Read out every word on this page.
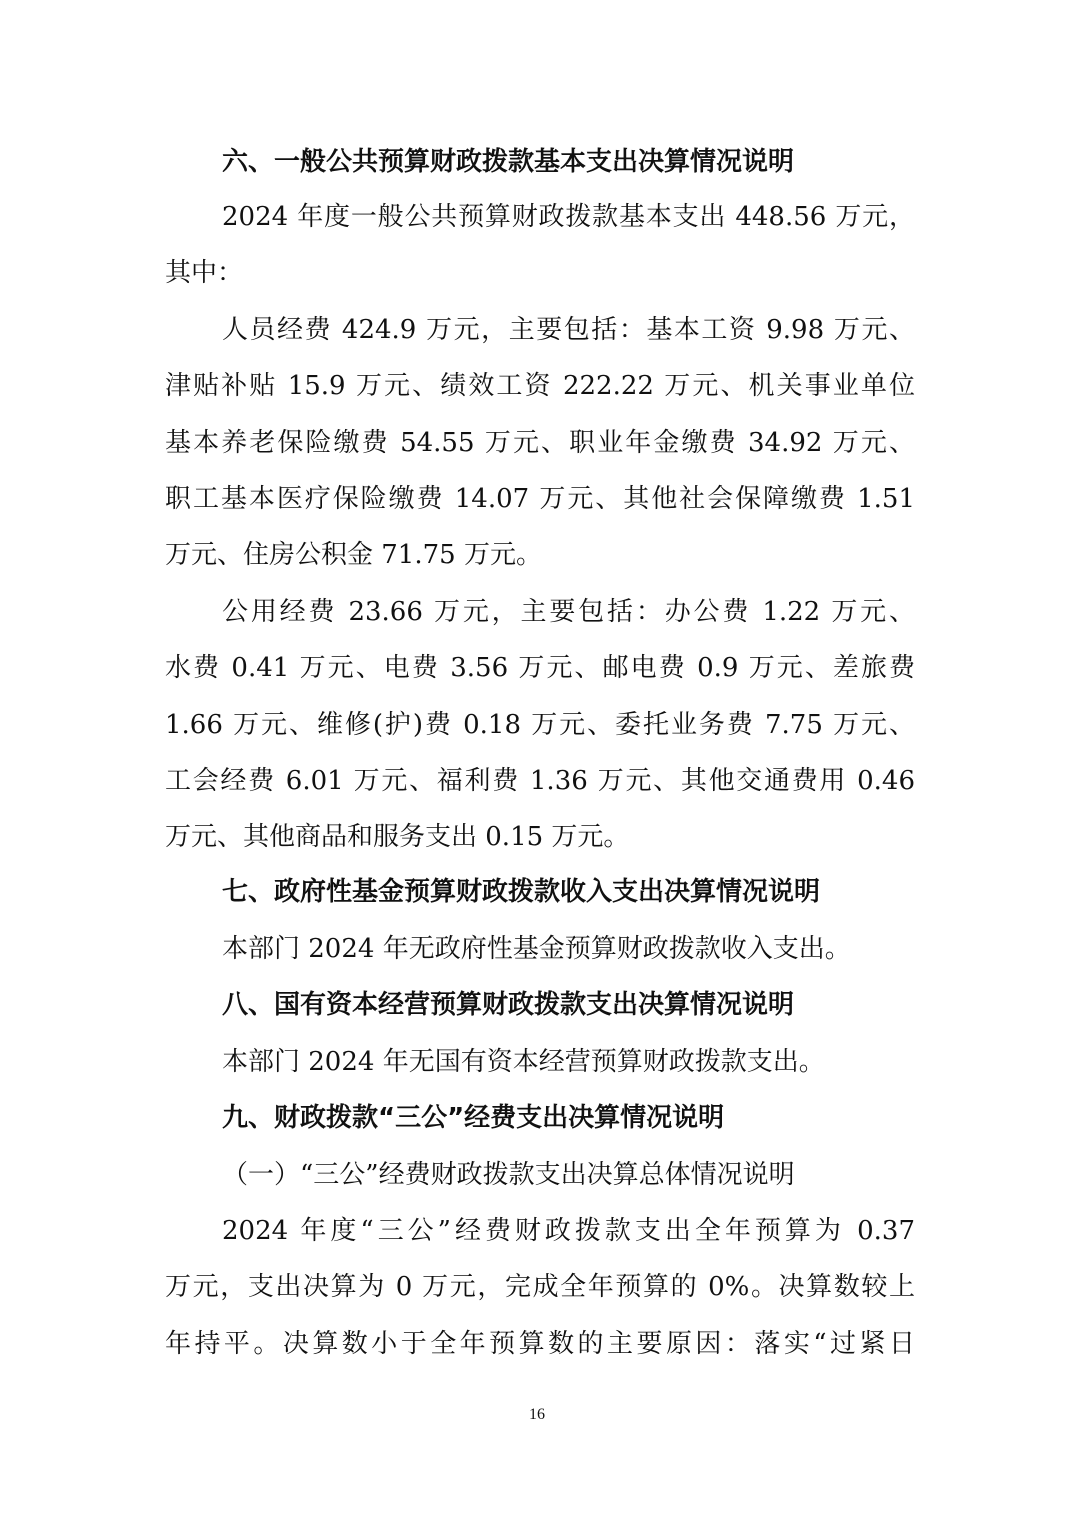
六、一般公共预算财政拨款基本支出决算情况说明
2024 年度一般公共预算财政拨款基本支出 448.56 万元，
其中：
人员经费 424.9 万元，主要包括：基本工资 9.98 万元、
津贴补贴 15.9 万元、绩效工资 222.22 万元、机关事业单位
基本养老保险缴费 54.55 万元、职业年金缴费 34.92 万元、
职工基本医疗保险缴费 14.07 万元、其他社会保障缴费 1.51
万元、住房公积金 71.75 万元。
公用经费 23.66 万元，主要包括：办公费 1.22 万元、
水费 0.41 万元、电费 3.56 万元、邮电费 0.9 万元、差旅费
1.66 万元、维修(护)费 0.18 万元、委托业务费 7.75 万元、
工会经费 6.01 万元、福利费 1.36 万元、其他交通费用 0.46
万元、其他商品和服务支出 0.15 万元。
七、政府性基金预算财政拨款收入支出决算情况说明
本部门 2024 年无政府性基金预算财政拨款收入支出。
八、国有资本经营预算财政拨款支出决算情况说明
本部门 2024 年无国有资本经营预算财政拨款支出。
九、财政拨款“三公”经费支出决算情况说明
（一）“三公”经费财政拨款支出决算总体情况说明
2024 年度“三公”经费财政拨款支出全年预算为 0.37
万元，支出决算为 0 万元，完成全年预算的 0%。决算数较上
年持平。决算数小于全年预算数的主要原因：落实“过紧日
16
